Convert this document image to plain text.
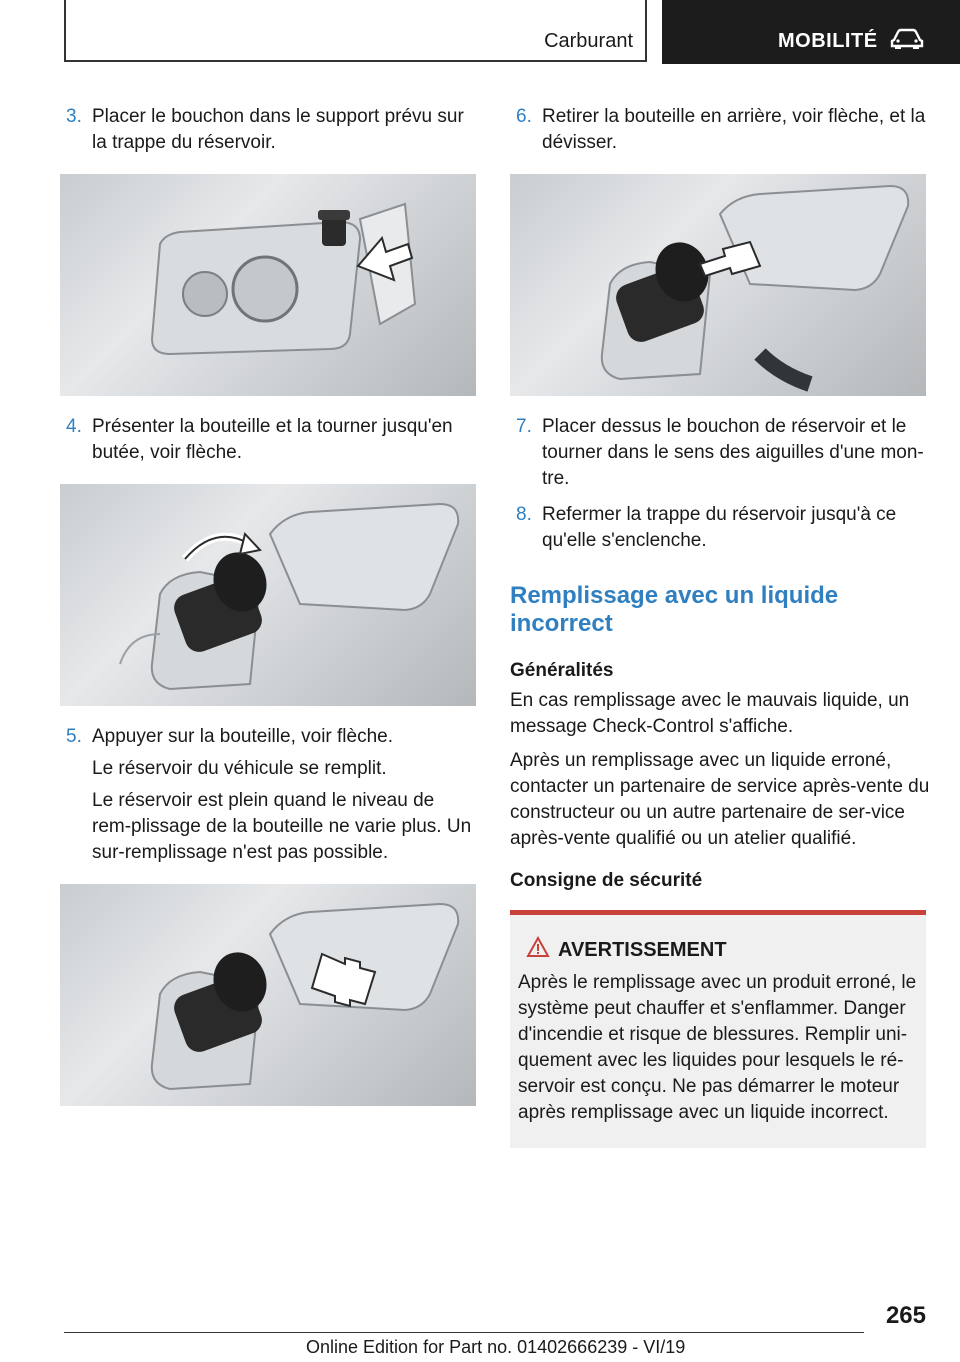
Carburant	MOBILITÉ
3. Placer le bouchon dans le support prévu sur la trappe du réservoir.

4. Présenter la bouteille et la tourner jusqu'en butée, voir flèche.

5. Appuyer sur la bouteille, voir flèche.

Le réservoir du véhicule se remplit.

Le réservoir est plein quand le niveau de rem-plissage de la bouteille ne varie plus. Un sur-remplissage n'est pas possible.

6. Retirer la bouteille en arrière, voir flèche, et la dévisser.

7. Placer dessus le bouchon de réservoir et le tourner dans le sens des aiguilles d'une mon-tre.

8. Refermer la trappe du réservoir jusqu'à ce qu'elle s'enclenche.

Remplissage avec un liquide incorrect
Généralités

En cas remplissage avec le mauvais liquide, un message Check-Control s'affiche.

Après un remplissage avec un liquide erroné, contacter un partenaire de service après-vente du constructeur ou un autre partenaire de ser-vice après-vente qualifié ou un atelier qualifié.

Consigne de sécurité
AVERTISSEMENT
Après le remplissage avec un produit erroné, le système peut chauffer et s'enflammer. Danger d'incendie et risque de blessures. Remplir uni-quement avec les liquides pour lesquels le ré-servoir est conçu. Ne pas démarrer le moteur après remplissage avec un liquide incorrect.
265
Online Edition for Part no. 01402666239 - VI/19
